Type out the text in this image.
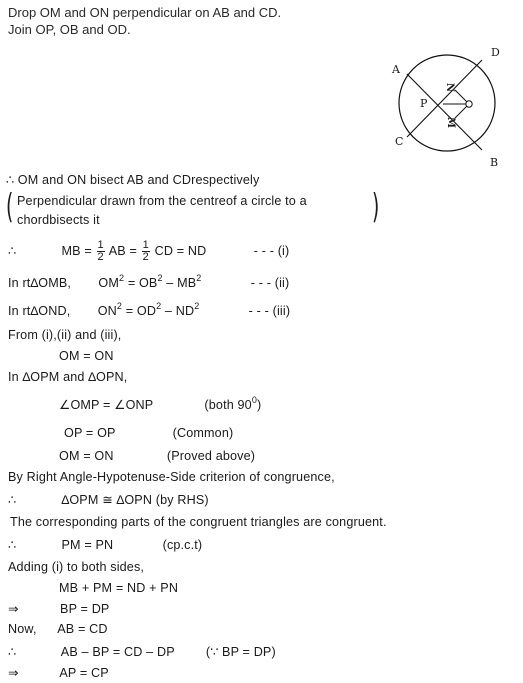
Drop OM and ON perpendicular on AB and CD.
Join OP, OB and OD.
A
D
C
B
P
N
M
∴ OM and ON bisect AB and CDrespectively
( Perpendicular drawn from the centreof a circle to a
chordbisects it	)
∴	MB = $\frac{1}{2}$ AB = $\frac{1}{2}$ CD = ND	- - - (i)
In rt∆OMB, $OM^2 = OB^2 - MB^2$	- - - (ii)
In rt∆OND, $ON^2 = OD^2 - ND^2$	- - - (iii)
From (i),(ii) and (iii),
OM = ON
In ∆OPM and ∆OPN,
∠OMP = ∠ONP	(both $90^0$)
OP = OP	(Common)
OM = ON	(Proved above)
By Right Angle-Hypotenuse-Side criterion of congruence,
∴	∆OPM ≅ ∆OPN (by RHS)
The corresponding parts of the congruent triangles are congruent.
∴	PM = PN	(cp.c.t)
Adding (i) to both sides,
MB + PM = ND + PN
⇒	BP = DP
Now, AB = CD
∴	AB – BP = CD – DP (∵ BP = DP)
⇒	AP = CP
